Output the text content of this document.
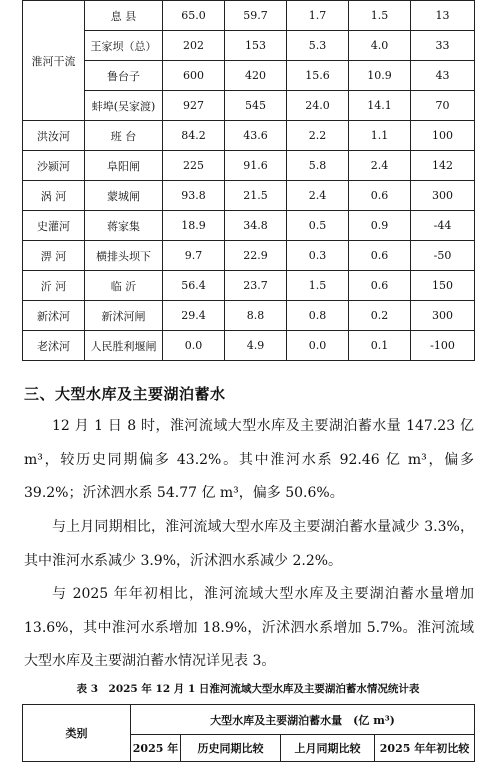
淮河干流	息 县	65.0	59.7	1.7	1.5	13
	王家坝（总）	202	153	5.3	4.0	33
	鲁台子	600	420	15.6	10.9	43
	蚌埠(吴家渡)	927	545	24.0	14.1	70
洪汝河	班 台	84.2	43.6	2.2	1.1	100
沙颍河	阜阳闸	225	91.6	5.8	2.4	142
涡 河	蒙城闸	93.8	21.5	2.4	0.6	300
史灌河	蒋家集	18.9	34.8	0.5	0.9	-44
淠 河	横排头坝下	9.7	22.9	0.3	0.6	-50
沂 河	临 沂	56.4	23.7	1.5	0.6	150
新沭河	新沭河闸	29.4	8.8	0.8	0.2	300
老沭河	人民胜利堰闸	0.0	4.9	0.0	0.1	-100
三、大型水库及主要湖泊蓄水

12 月 1 日 8 时，淮河流域大型水库及主要湖泊蓄水量 147.23 亿 m³，较历史同期偏多 43.2%。其中淮河水系 92.46 亿 m³，偏多 39.2%；沂沭泗水系 54.77 亿 m³，偏多 50.6%。

与上月同期相比，淮河流域大型水库及主要湖泊蓄水量减少 3.3%，其中淮河水系减少 3.9%，沂沭泗水系减少 2.2%。

与 2025 年年初相比，淮河流域大型水库及主要湖泊蓄水量增加 13.6%，其中淮河水系增加 18.9%，沂沭泗水系增加 5.7%。淮河流域大型水库及主要湖泊蓄水情况详见表 3。

表 3　2025 年 12 月 1 日淮河流域大型水库及主要湖泊蓄水情况统计表
类别	大型水库及主要湖泊蓄水量　(亿 m³)			
	2025 年	历史同期比较	上月同期比较	2025 年年初比较
